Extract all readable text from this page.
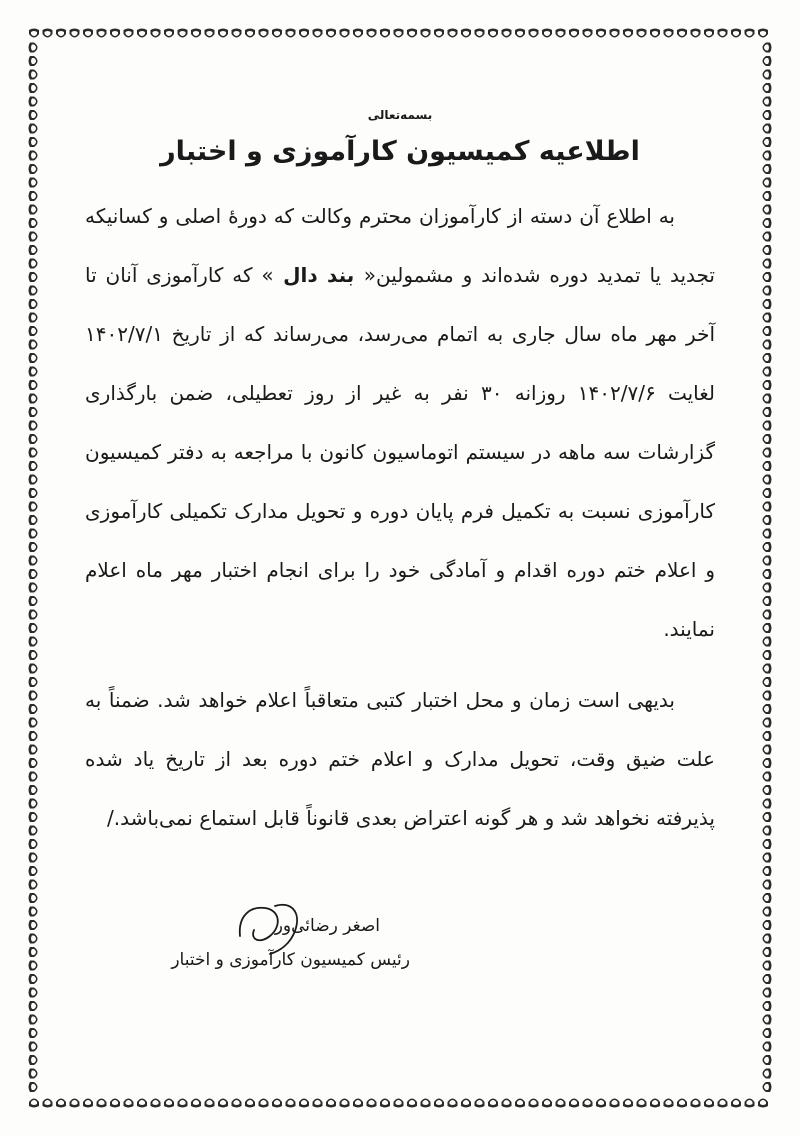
بسمه‌تعالی
اطلاعیه کمیسیون کارآموزی و اختبار

به اطلاع آن دسته از کارآموزان محترم وکالت که دورهٔ اصلی و کسانیکه تجدید یا تمدید دوره شده‌اند و مشمولین« بند دال » که کارآموزی آنان تا آخر مهر ماه سال جاری به اتمام می‌رسد، می‌رساند که از تاریخ ۱۴۰۲/۷/۱ لغایت ۱۴۰۲/۷/۶ روزانه ۳۰ نفر به غیر از روز تعطیلی، ضمن بارگذاری گزارشات سه ماهه در سیستم اتوماسیون کانون با مراجعه به دفتر کمیسیون کارآموزی نسبت به تکمیل فرم پایان دوره و تحویل مدارک تکمیلی کارآموزی و اعلام ختم دوره اقدام و آمادگی خود را برای انجام اختبار مهر ماه اعلام نمایند.

بدیهی است زمان و محل اختبار کتبی متعاقباً اعلام خواهد شد. ضمناً به علت ضیق وقت، تحویل مدارک و اعلام ختم دوره بعد از تاریخ یاد شده پذیرفته نخواهد شد و هر گونه اعتراض بعدی قانوناً قابل استماع نمی‌باشد./

اصغر رضائی‌ور
رئیس کمیسیون کارآموزی و اختبار
